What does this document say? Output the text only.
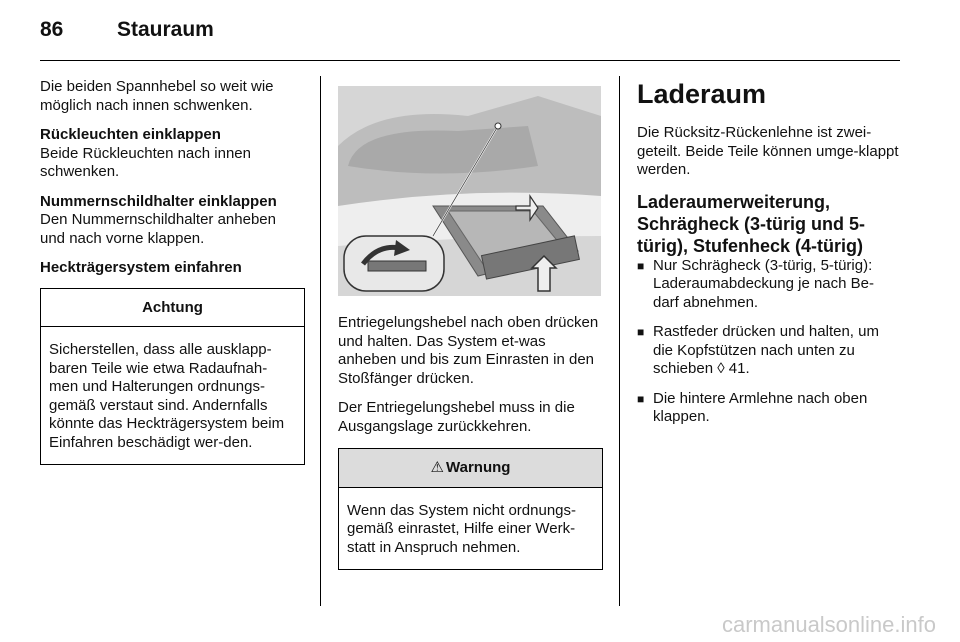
86	Stauraum

Die beiden Spannhebel so weit wie möglich nach innen schwenken.

Rückleuchten einklappen
Beide Rückleuchten nach innen schwenken.

Nummernschildhalter einklappen
Den Nummernschildhalter anheben und nach vorne klappen.

Heckträgersystem einfahren

Achtung
Sicherstellen, dass alle ausklapp-baren Teile wie etwa Radaufnah-men und Halterungen ordnungs-gemäß verstaut sind. Andernfalls könnte das Heckträgersystem beim Einfahren beschädigt wer-den.

Entriegelungshebel nach oben drücken und halten. Das System et-was anheben und bis zum Einrasten in den Stoßfänger drücken.

Der Entriegelungshebel muss in die Ausgangslage zurückkehren.

⚠ Warnung
Wenn das System nicht ordnungs-gemäß einrastet, Hilfe einer Werk-statt in Anspruch nehmen.
Laderaum

Die Rücksitz-Rückenlehne ist zwei-geteilt. Beide Teile können umge-klappt werden.

Laderaumerweiterung, Schrägheck (3-türig und 5-türig), Stufenheck (4-türig)
■ Nur Schrägheck (3-türig, 5-türig): Laderaumabdeckung je nach Be-darf abnehmen.
■ Rastfeder drücken und halten, um die Kopfstützen nach unten zu schieben ◊ 41.
■ Die hintere Armlehne nach oben klappen.
carmanualsonline.info
